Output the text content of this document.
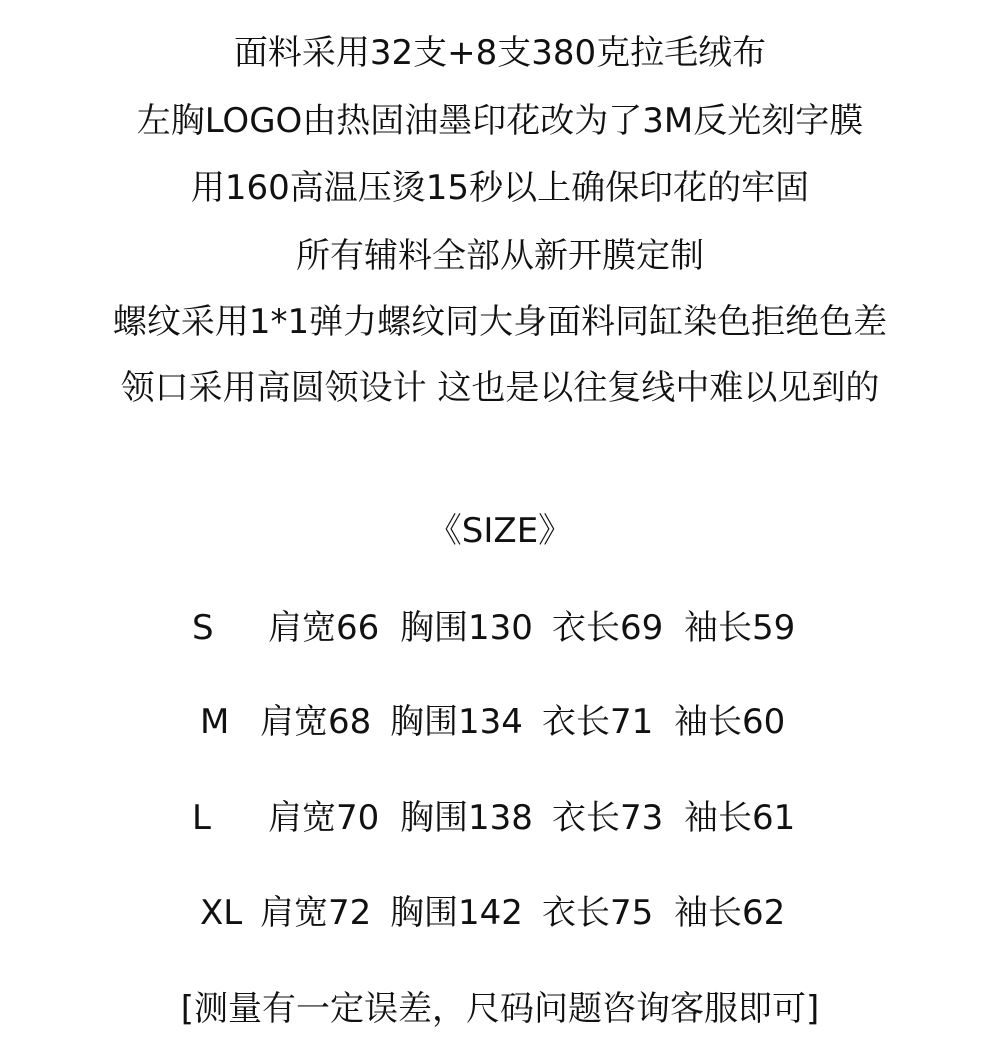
面料采用32支+8支380克拉毛绒布
左胸LOGO由热固油墨印花改为了3M反光刻字膜
用160高温压烫15秒以上确保印花的牢固
所有辅料全部从新开膜定制
螺纹采用1*1弹力螺纹同大身面料同缸染色拒绝色差
领口采用高圆领设计 这也是以往复线中难以见到的
《SIZE》
S 肩宽66 胸围130 衣长69 袖长59
M 肩宽68 胸围134 衣长71 袖长60
L 肩宽70 胸围138 衣长73 袖长61
XL 肩宽72 胸围142 衣长75 袖长62
[测量有一定误差，尺码问题咨询客服即可]
